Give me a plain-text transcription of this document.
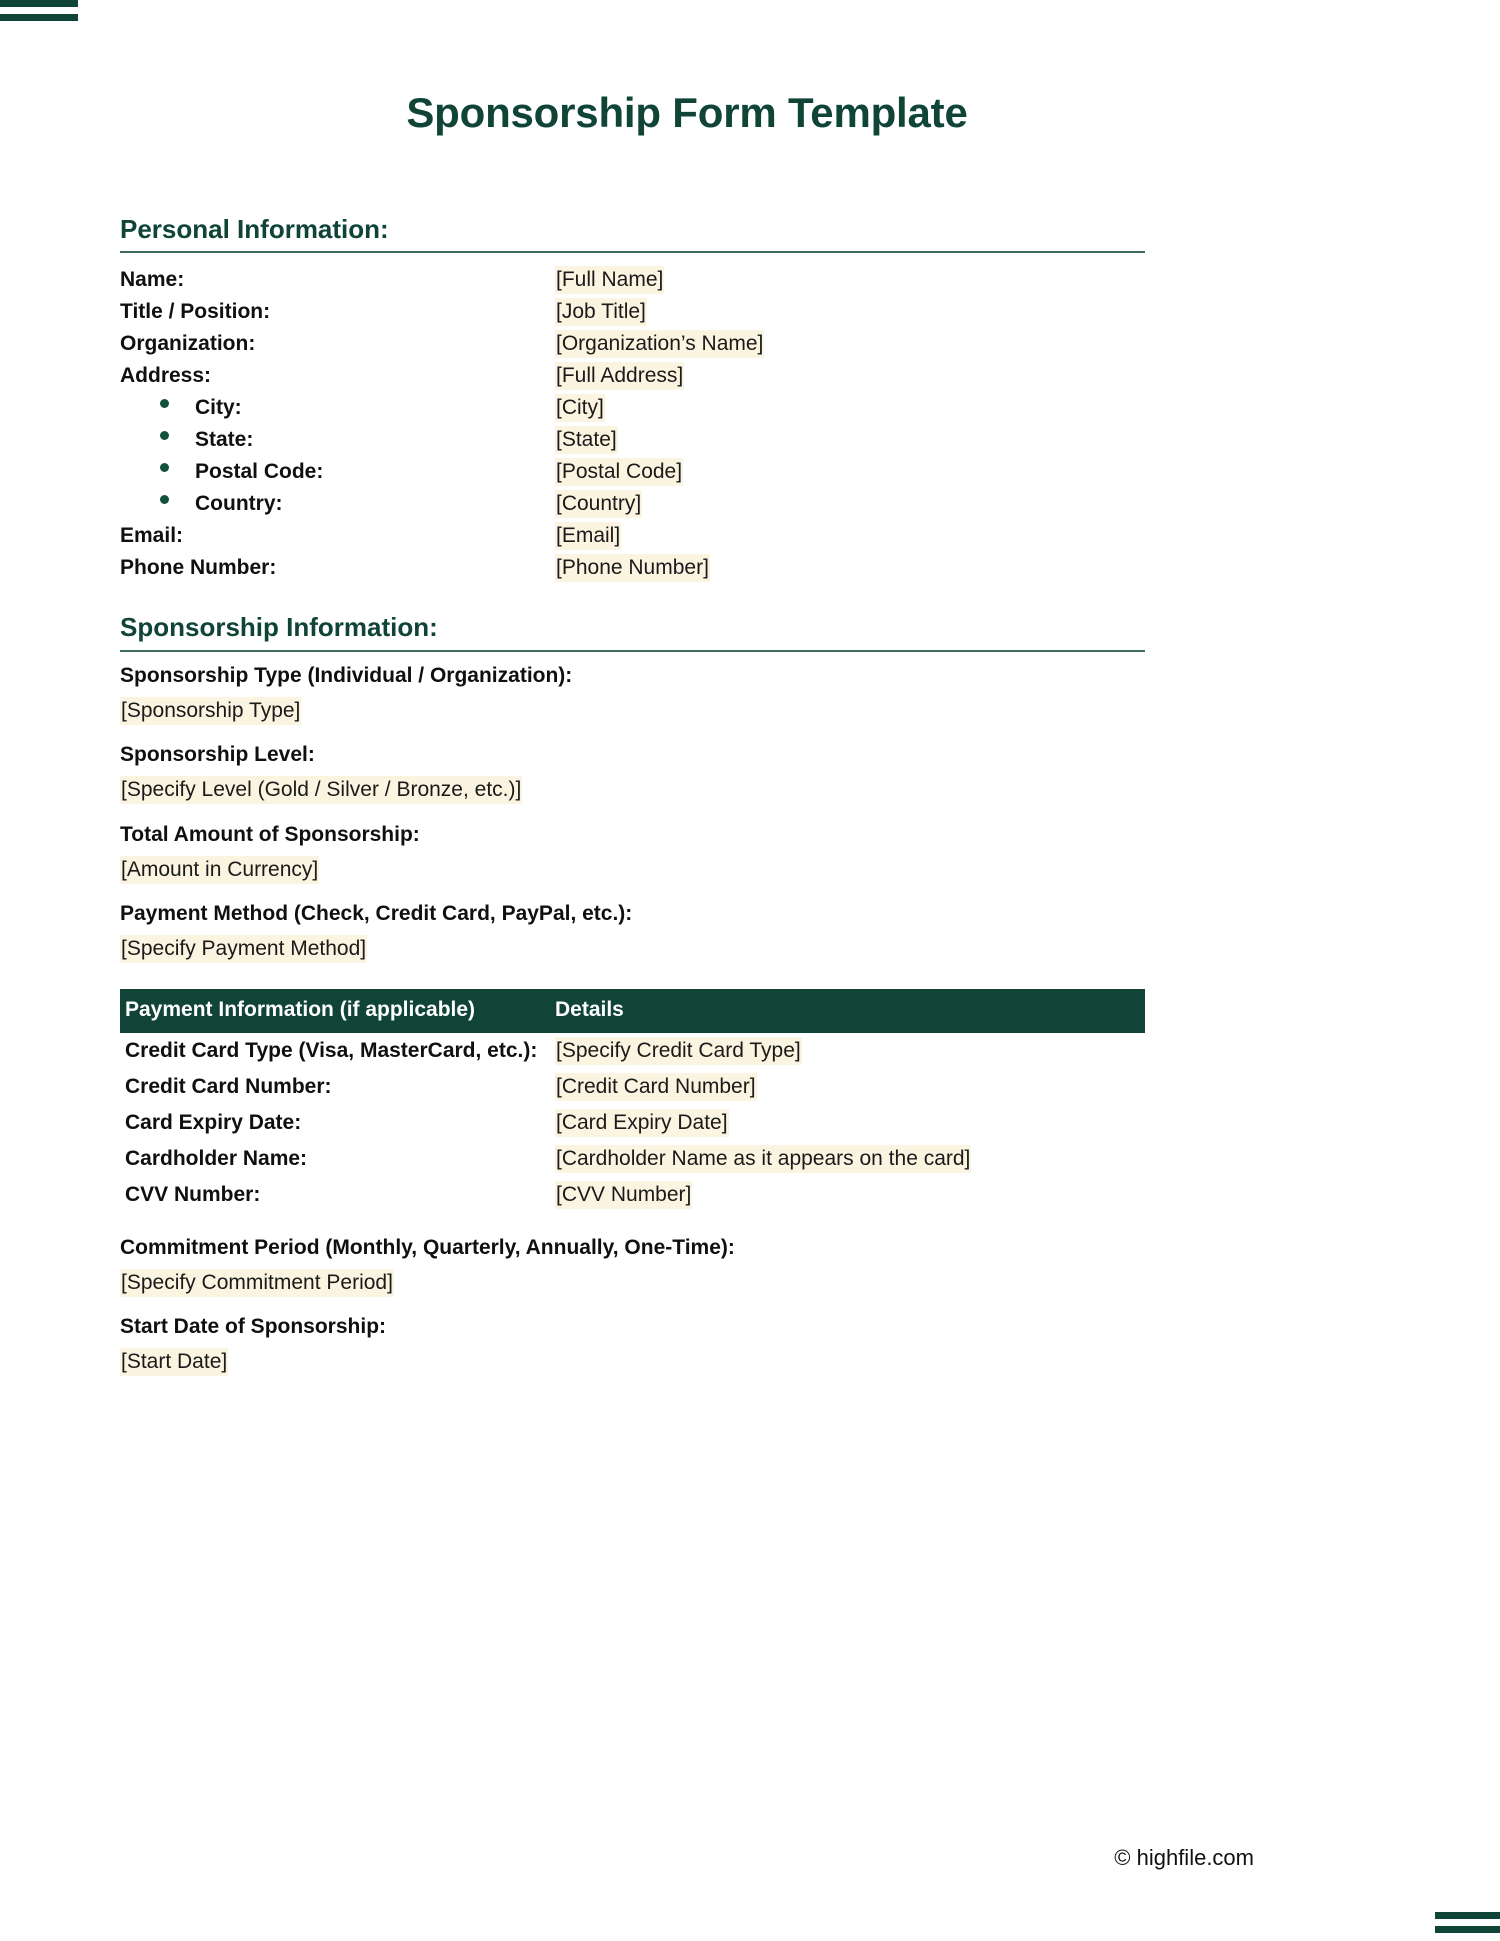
Sponsorship Form Template
Personal Information:
Name:	[Full Name]
Title / Position:	[Job Title]
Organization:	[Organization’s Name]
Address:	[Full Address]
City:	[City]
State:	[State]
Postal Code:	[Postal Code]
Country:	[Country]
Email:	[Email]
Phone Number:	[Phone Number]
Sponsorship Information:
Sponsorship Type (Individual / Organization):
[Sponsorship Type]
Sponsorship Level:
[Specify Level (Gold / Silver / Bronze, etc.)]
Total Amount of Sponsorship:
[Amount in Currency]
Payment Method (Check, Credit Card, PayPal, etc.):
[Specify Payment Method]
Payment Information (if applicable)	Details
Credit Card Type (Visa, MasterCard, etc.): [Specify Credit Card Type]
Credit Card Number:	[Credit Card Number]
Card Expiry Date:	[Card Expiry Date]
Cardholder Name:	[Cardholder Name as it appears on the card]
CVV Number:	[CVV Number]
Commitment Period (Monthly, Quarterly, Annually, One-Time):
[Specify Commitment Period]
Start Date of Sponsorship:
[Start Date]
© highfile.com
